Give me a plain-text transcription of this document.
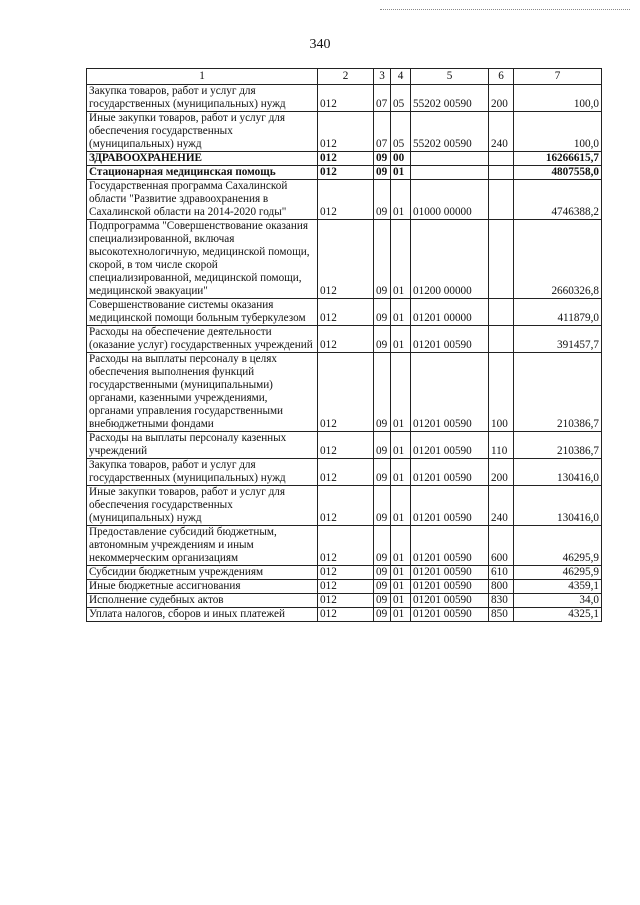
340
1	2	3	4	5	6	7
Закупка товаров, работ и услуг для государственных (муниципальных) нужд	012	07	05	55202 00590	200	100,0
Иные закупки товаров, работ и услуг для обеспечения государственных (муниципальных) нужд	012	07	05	55202 00590	240	100,0
ЗДРАВООХРАНЕНИЕ	012	09	00			16266615,7
Стационарная медицинская помощь	012	09	01			4807558,0
Государственная программа Сахалинской области "Развитие здравоохранения в Сахалинской области на 2014-2020 годы"	012	09	01	01000 00000		4746388,2
Подпрограмма "Совершенствование оказания специализированной, включая высокотехнологичную, медицинской помощи, скорой, в том числе скорой специализированной, медицинской помощи, медицинской эвакуации"	012	09	01	01200 00000		2660326,8
Совершенствование системы оказания медицинской помощи больным туберкулезом	012	09	01	01201 00000		411879,0
Расходы на обеспечение деятельности (оказание услуг) государственных учреждений	012	09	01	01201 00590		391457,7
Расходы на выплаты персоналу в целях обеспечения выполнения функций государственными (муниципальными) органами, казенными учреждениями, органами управления государственными внебюджетными фондами	012	09	01	01201 00590	100	210386,7
Расходы на выплаты персоналу казенных учреждений	012	09	01	01201 00590	110	210386,7
Закупка товаров, работ и услуг для государственных (муниципальных) нужд	012	09	01	01201 00590	200	130416,0
Иные закупки товаров, работ и услуг для обеспечения государственных (муниципальных) нужд	012	09	01	01201 00590	240	130416,0
Предоставление субсидий бюджетным, автономным учреждениям и иным некоммерческим организациям	012	09	01	01201 00590	600	46295,9
Субсидии бюджетным учреждениям	012	09	01	01201 00590	610	46295,9
Иные бюджетные ассигнования	012	09	01	01201 00590	800	4359,1
Исполнение судебных актов	012	09	01	01201 00590	830	34,0
Уплата налогов, сборов и иных платежей	012	09	01	01201 00590	850	4325,1
